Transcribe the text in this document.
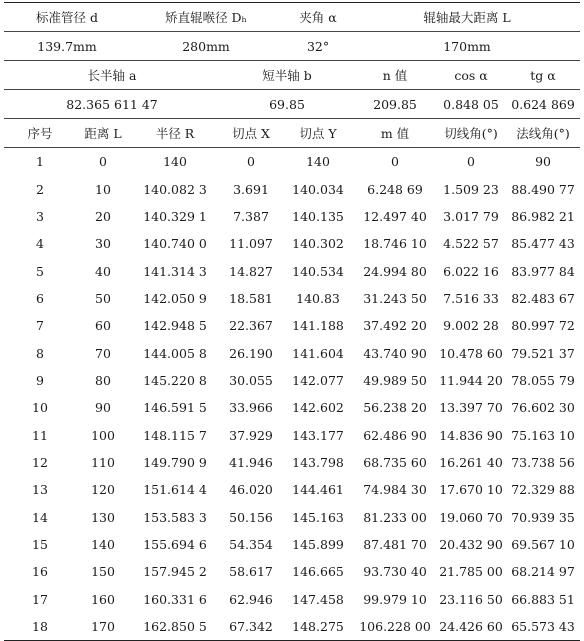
标准管径 d		矫直辊喉径 Dₕ		夹角 α	辊轴最大距离 L		
139.7mm		280mm		32°	170mm		
长半轴 a			短半轴 b		n 值	cos α	tg α
82.365 611 47			69.85		209.85	0.848 05	0.624 869
序号	距离 L	半径 R	切点 X	切点 Y	m 值	切线角(°)	法线角(°)
1	0	140	0	140	0	0	90
2	10	140.082 3	3.691	140.034	6.248 69	1.509 23	88.490 77
3	20	140.329 1	7.387	140.135	12.497 40	3.017 79	86.982 21
4	30	140.740 0	11.097	140.302	18.746 10	4.522 57	85.477 43
5	40	141.314 3	14.827	140.534	24.994 80	6.022 16	83.977 84
6	50	142.050 9	18.581	140.83	31.243 50	7.516 33	82.483 67
7	60	142.948 5	22.367	141.188	37.492 20	9.002 28	80.997 72
8	70	144.005 8	26.190	141.604	43.740 90	10.478 60	79.521 37
9	80	145.220 8	30.055	142.077	49.989 50	11.944 20	78.055 79
10	90	146.591 5	33.966	142.602	56.238 20	13.397 70	76.602 30
11	100	148.115 7	37.929	143.177	62.486 90	14.836 90	75.163 10
12	110	149.790 9	41.946	143.798	68.735 60	16.261 40	73.738 56
13	120	151.614 4	46.020	144.461	74.984 30	17.670 10	72.329 88
14	130	153.583 3	50.156	145.163	81.233 00	19.060 70	70.939 35
15	140	155.694 6	54.354	145.899	87.481 70	20.432 90	69.567 10
16	150	157.945 2	58.617	146.665	93.730 40	21.785 00	68.214 97
17	160	160.331 6	62.946	147.458	99.979 10	23.116 50	66.883 51
18	170	162.850 5	67.342	148.275	106.228 00	24.426 60	65.573 43
